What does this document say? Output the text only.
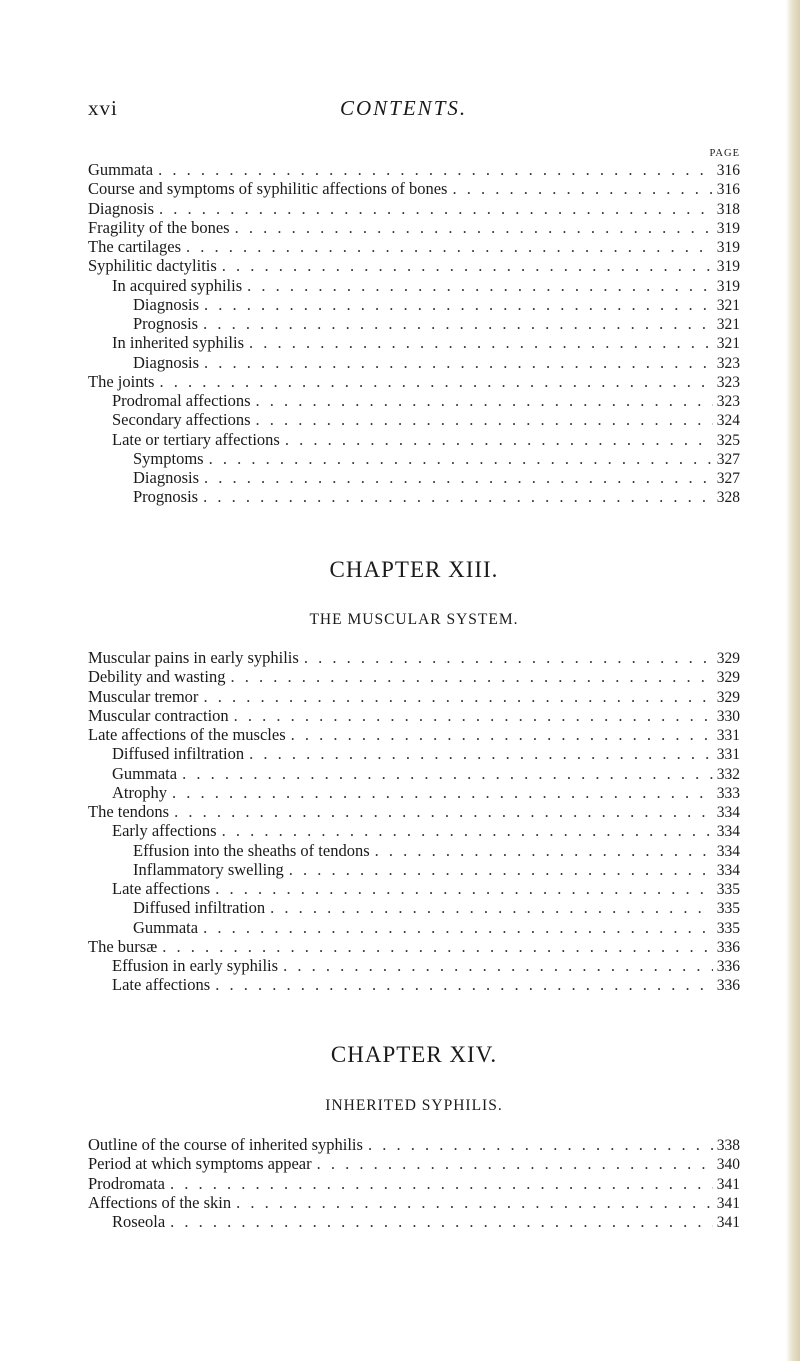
xvi	CONTENTS.
PAGE
Gummata . . .	316
Course and symptoms of syphilitic affections of bones . . .	316
Diagnosis . . .	318
Fragility of the bones . . .	319
The cartilages . . .	319
Syphilitic dactylitis . . .	319
In acquired syphilis . . .	319
Diagnosis . . .	321
Prognosis . . .	321
In inherited syphilis . . .	321
Diagnosis . . .	323
The joints . . .	323
Prodromal affections . . .	323
Secondary affections . . .	324
Late or tertiary affections . . .	325
Symptoms . . .	327
Diagnosis . . .	327
Prognosis . . .	328
CHAPTER XIII.
THE MUSCULAR SYSTEM.
Muscular pains in early syphilis . . .	329
Debility and wasting . . .	329
Muscular tremor . . .	329
Muscular contraction . . .	330
Late affections of the muscles . . .	331
Diffused infiltration . . .	331
Gummata . . .	332
Atrophy . . .	333
The tendons . . .	334
Early affections . . .	334
Effusion into the sheaths of tendons . . .	334
Inflammatory swelling . . .	334
Late affections . . .	335
Diffused infiltration . . .	335
Gummata . . .	335
The bursæ . . .	336
Effusion in early syphilis . . .	336
Late affections . . .	336
CHAPTER XIV.
INHERITED SYPHILIS.
Outline of the course of inherited syphilis . . .	338
Period at which symptoms appear . . .	340
Prodromata . . .	341
Affections of the skin . . .	341
Roseola . . .	341
